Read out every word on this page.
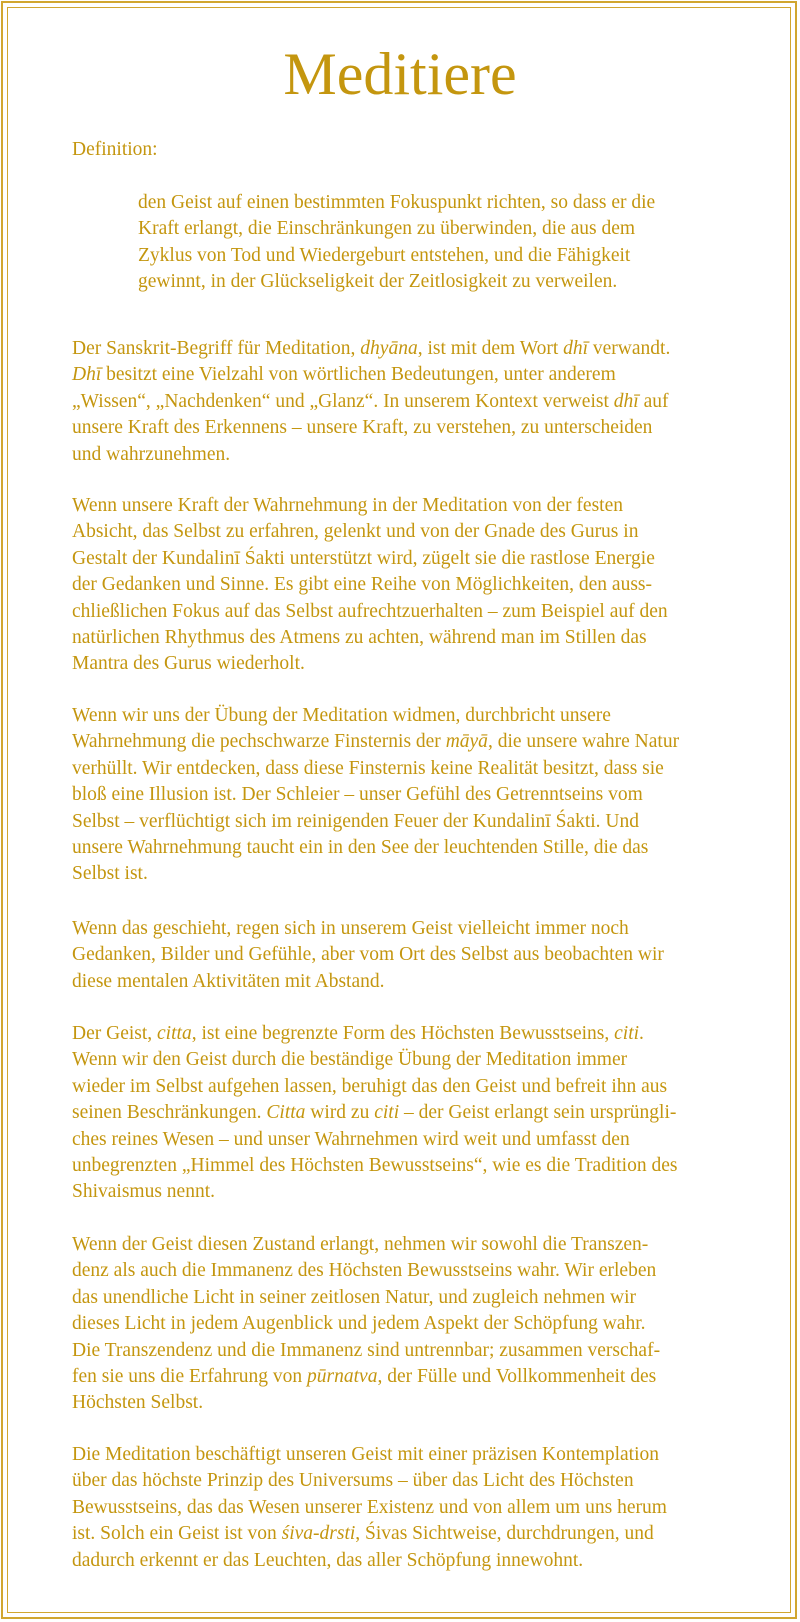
Meditiere

Definition:

den Geist auf einen bestimmten Fokuspunkt richten, so dass er die
Kraft erlangt, die Einschränkungen zu überwinden, die aus dem
Zyklus von Tod und Wiedergeburt entstehen, und die Fähigkeit
gewinnt, in der Glückseligkeit der Zeitlosigkeit zu verweilen.

Der Sanskrit-Begriff für Meditation, dhyāna, ist mit dem Wort dhī verwandt.
Dhī besitzt eine Vielzahl von wörtlichen Bedeutungen, unter anderem
„Wissen“, „Nachdenken“ und „Glanz“. In unserem Kontext verweist dhī auf
unsere Kraft des Erkennens – unsere Kraft, zu verstehen, zu unterscheiden
und wahrzunehmen.

Wenn unsere Kraft der Wahrnehmung in der Meditation von der festen
Absicht, das Selbst zu erfahren, gelenkt und von der Gnade des Gurus in
Gestalt der Kundalinī Śakti unterstützt wird, zügelt sie die rastlose Energie
der Gedanken und Sinne. Es gibt eine Reihe von Möglichkeiten, den auss-
chließlichen Fokus auf das Selbst aufrechtzuerhalten – zum Beispiel auf den
natürlichen Rhythmus des Atmens zu achten, während man im Stillen das
Mantra des Gurus wiederholt.

Wenn wir uns der Übung der Meditation widmen, durchbricht unsere
Wahrnehmung die pechschwarze Finsternis der māyā, die unsere wahre Natur
verhüllt. Wir entdecken, dass diese Finsternis keine Realität besitzt, dass sie
bloß eine Illusion ist. Der Schleier – unser Gefühl des Getrenntseins vom
Selbst – verflüchtigt sich im reinigenden Feuer der Kundalinī Śakti. Und
unsere Wahrnehmung taucht ein in den See der leuchtenden Stille, die das
Selbst ist.

Wenn das geschieht, regen sich in unserem Geist vielleicht immer noch
Gedanken, Bilder und Gefühle, aber vom Ort des Selbst aus beobachten wir
diese mentalen Aktivitäten mit Abstand.

Der Geist, citta, ist eine begrenzte Form des Höchsten Bewusstseins, citi.
Wenn wir den Geist durch die beständige Übung der Meditation immer
wieder im Selbst aufgehen lassen, beruhigt das den Geist und befreit ihn aus
seinen Beschränkungen. Citta wird zu citi – der Geist erlangt sein ursprüngli-
ches reines Wesen – und unser Wahrnehmen wird weit und umfasst den
unbegrenzten „Himmel des Höchsten Bewusstseins“, wie es die Tradition des
Shivaismus nennt.

Wenn der Geist diesen Zustand erlangt, nehmen wir sowohl die Transzen-
denz als auch die Immanenz des Höchsten Bewusstseins wahr. Wir erleben
das unendliche Licht in seiner zeitlosen Natur, und zugleich nehmen wir
dieses Licht in jedem Augenblick und jedem Aspekt der Schöpfung wahr.
Die Transzendenz und die Immanenz sind untrennbar; zusammen verschaf-
fen sie uns die Erfahrung von pūrnatva, der Fülle und Vollkommenheit des
Höchsten Selbst.

Die Meditation beschäftigt unseren Geist mit einer präzisen Kontemplation
über das höchste Prinzip des Universums – über das Licht des Höchsten
Bewusstseins, das das Wesen unserer Existenz und von allem um uns herum
ist. Solch ein Geist ist von śiva-drsti, Śivas Sichtweise, durchdrungen, und
dadurch erkennt er das Leuchten, das aller Schöpfung innewohnt.
